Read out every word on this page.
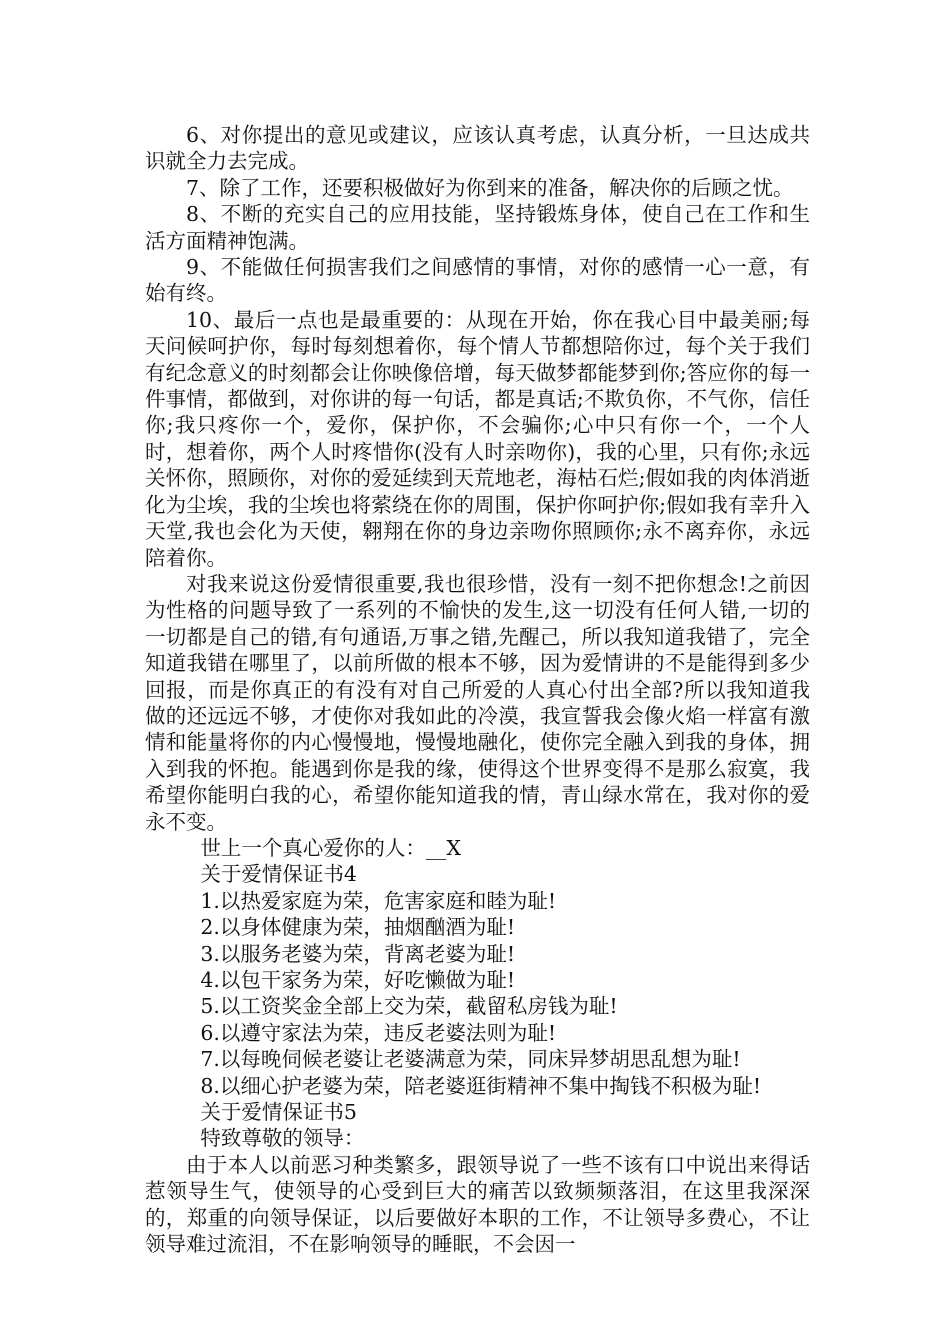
6、对你提出的意见或建议，应该认真考虑，认真分析，一旦达成共识就全力去完成。

7、除了工作，还要积极做好为你到来的准备，解决你的后顾之忧。

8、不断的充实自己的应用技能，坚持锻炼身体，使自己在工作和生活方面精神饱满。

9、不能做任何损害我们之间感情的事情，对你的感情一心一意，有始有终。

10、最后一点也是最重要的：从现在开始，你在我心目中最美丽;每天问候呵护你，每时每刻想着你，每个情人节都想陪你过，每个关于我们有纪念意义的时刻都会让你映像倍增，每天做梦都能梦到你;答应你的每一件事情，都做到，对你讲的每一句话，都是真话;不欺负你，不气你，信任你;我只疼你一个，爱你，保护你，不会骗你;心中只有你一个，一个人时，想着你，两个人时疼惜你(没有人时亲吻你)，我的心里，只有你;永远关怀你，照顾你，对你的爱延续到天荒地老，海枯石烂;假如我的肉体消逝化为尘埃，我的尘埃也将萦绕在你的周围，保护你呵护你;假如我有幸升入天堂,我也会化为天使，翱翔在你的身边亲吻你照顾你;永不离弃你，永远陪着你。

对我来说这份爱情很重要,我也很珍惜，没有一刻不把你想念!之前因为性格的问题导致了一系列的不愉快的发生,这一切没有任何人错,一切的一切都是自己的错,有句通语,万事之错,先醒己，所以我知道我错了，完全知道我错在哪里了，以前所做的根本不够，因为爱情讲的不是能得到多少回报，而是你真正的有没有对自己所爱的人真心付出全部?所以我知道我做的还远远不够，才使你对我如此的冷漠，我宣誓我会像火焰一样富有激情和能量将你的内心慢慢地，慢慢地融化，使你完全融入到我的身体，拥入到我的怀抱。能遇到你是我的缘，使得这个世界变得不是那么寂寞，我希望你能明白我的心，希望你能知道我的情，青山绿水常在，我对你的爱永不变。

世上一个真心爱你的人：__X

关于爱情保证书4

1.以热爱家庭为荣，危害家庭和睦为耻!

2.以身体健康为荣，抽烟酗酒为耻!

3.以服务老婆为荣，背离老婆为耻!

4.以包干家务为荣，好吃懒做为耻!

5.以工资奖金全部上交为荣，截留私房钱为耻!

6.以遵守家法为荣，违反老婆法则为耻!

7.以每晚伺候老婆让老婆满意为荣，同床异梦胡思乱想为耻!

8.以细心护老婆为荣，陪老婆逛街精神不集中掏钱不积极为耻!

关于爱情保证书5

特致尊敬的领导：

由于本人以前恶习种类繁多，跟领导说了一些不该有口中说出来得话惹领导生气，使领导的心受到巨大的痛苦以致频频落泪，在这里我深深的，郑重的向领导保证，以后要做好本职的工作，不让领导多费心，不让领导难过流泪，不在影响领导的睡眠，不会因一
